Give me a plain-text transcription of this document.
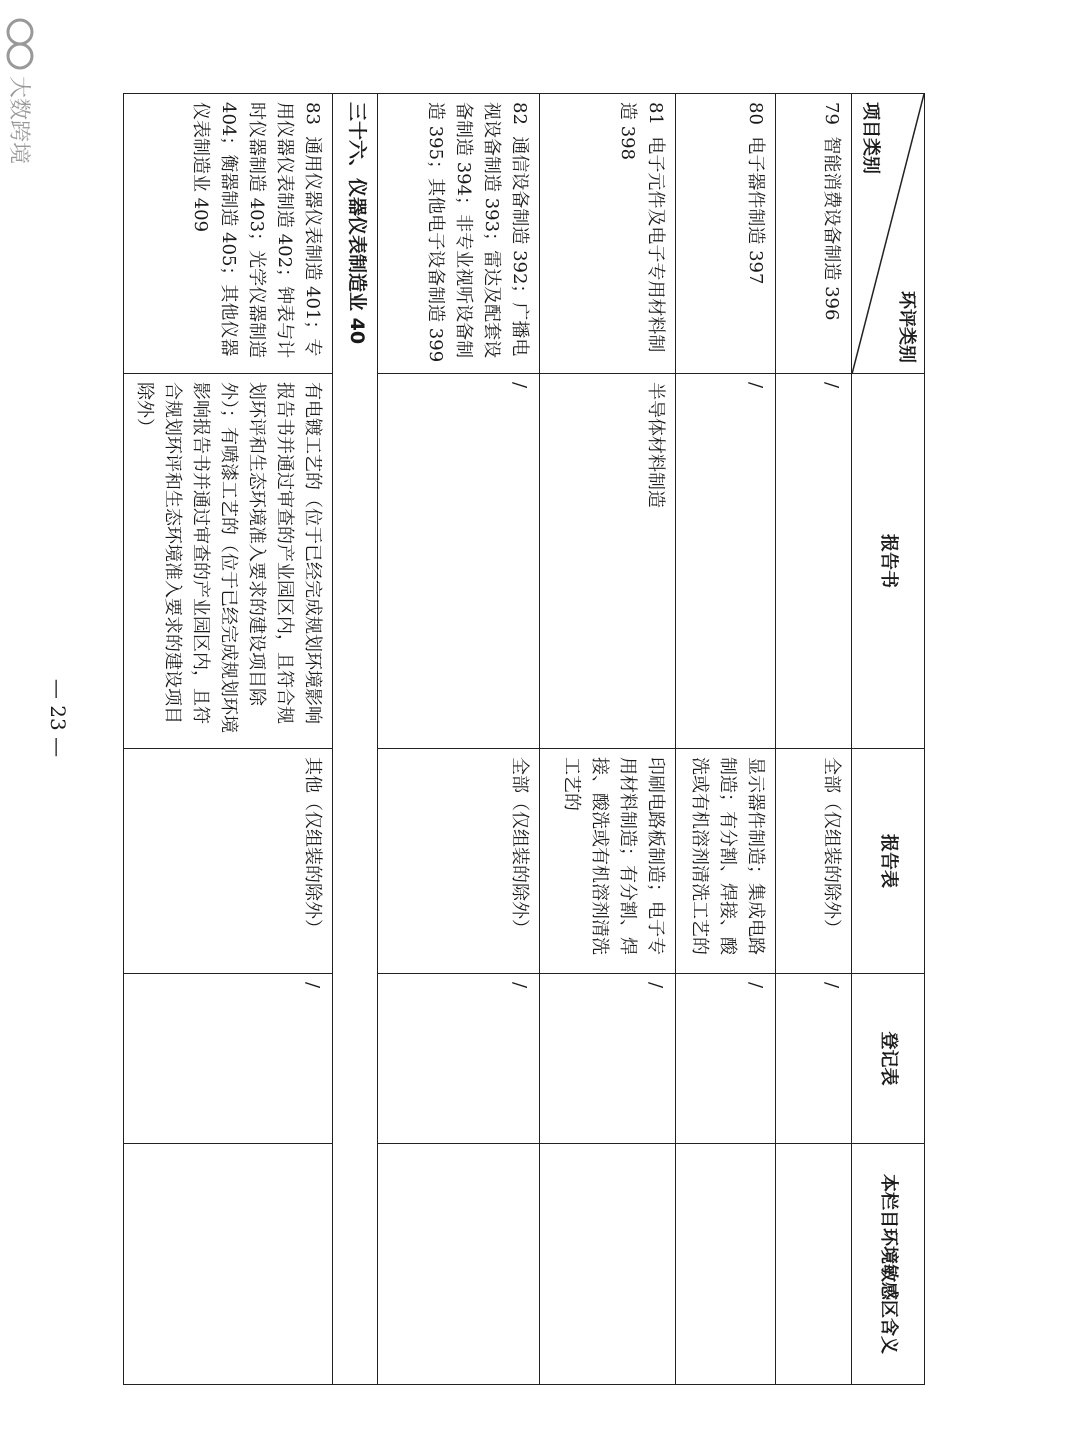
环评类别
项目类别	报告书	报告表	登记表	本栏目环境敏感区含义
79  智能消费设备制造 396	/	全部（仅组装的除外）	/	
80  电子器件制造 397	/	显示器件制造；集成电路制造；有分割、焊接、酸洗或有机溶剂清洗工艺的	/	
81  电子元件及电子专用材料制造 398	半导体材料制造	印刷电路板制造；电子专用材料制造；有分割、焊接、酸洗或有机溶剂清洗工艺的	/	
82  通信设备制造 392；广播电视设备制造 393；雷达及配套设备制造 394；非专业视听设备制造 395；其他电子设备制造 399	/	全部（仅组装的除外）	/	
三十六、仪器仪表制造业 40				
83  通用仪器仪表制造 401；专用仪器仪表制造 402；钟表与计时仪器制造 403；光学仪器制造 404；衡器制造 405；其他仪器仪表制造业 409	有电镀工艺的（位于已经完成规划环境影响报告书并通过审查的产业园区内，且符合规划环评和生态环境准入要求的建设项目除外）；有喷漆工艺的（位于已经完成规划环境影响报告书并通过审查的产业园区内，且符合规划环评和生态环境准入要求的建设项目除外）	其他（仅组装的除外）	/	
— 23 —
大数跨境
